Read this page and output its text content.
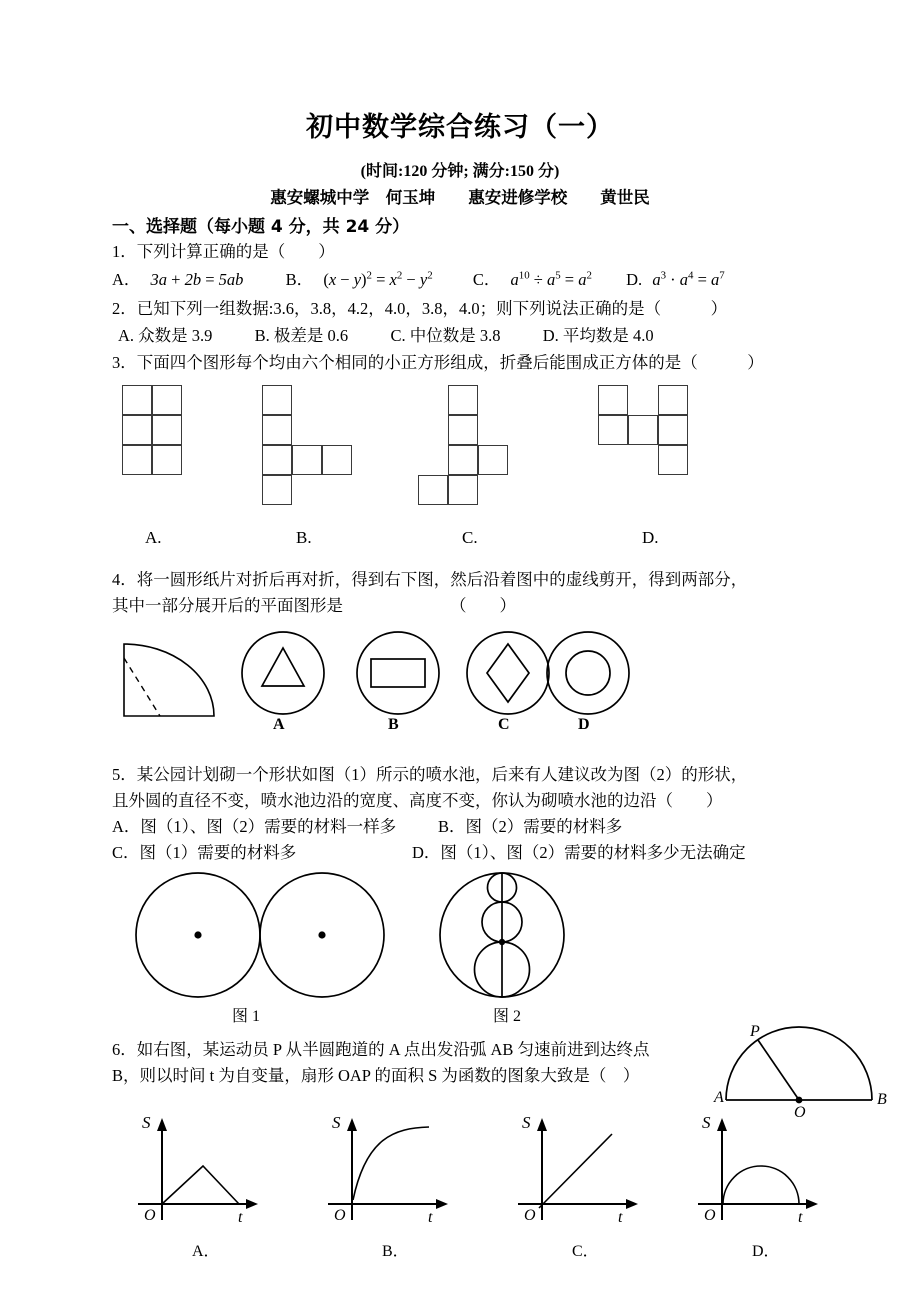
初中数学综合练习（一）
(时间:120 分钟; 满分:150 分)
惠安螺城中学　何玉坤　　惠安进修学校　　黄世民
一、选择题（每小题 4 分，共 24 分）
1．下列计算正确的是（　　）
A． 3a + 2b = 5ab	B． $(x - y)^2 = x^2 - y^2$ C． $a^{10} \div a^5 = a^2$ D. $a^3 \cdot a^4 = a^7$
2．已知下列一组数据:3.6，3.8，4.2，4.0，3.8，4.0；则下列说法正确的是（　　　）
A. 众数是 3.9	B. 极差是 0.6	C. 中位数是 3.8	D. 平均数是 4.0
3．下面四个图形每个均由六个相同的小正方形组成，折叠后能围成正方体的是（　　　）
A.	B.	C.	D.
4．将一圆形纸片对折后再对折，得到右下图，然后沿着图中的虚线剪开，得到两部分，
其中一部分展开后的平面图形是	（　　）
A	B	C	D
5．某公园计划砌一个形状如图（1）所示的喷水池，后来有人建议改为图（2）的形状，
且外圆的直径不变，喷水池边沿的宽度、高度不变，你认为砌喷水池的边沿（　　）
A．图（1）、图（2）需要的材料一样多	B．图（2）需要的材料多
C．图（1）需要的材料多	D．图（1）、图（2）需要的材料多少无法确定
图 1	图 2
6．如右图，某运动员 P 从半圆跑道的 A 点出发沿弧 AB 匀速前进到达终点
B，则以时间 t 为自变量，扇形 OAP 的面积 S 为函数的图象大致是（　）
P
A
O
B
S
O	t
A．
S
O	t
B．
S
O	t
C．
S
O	t
D．
